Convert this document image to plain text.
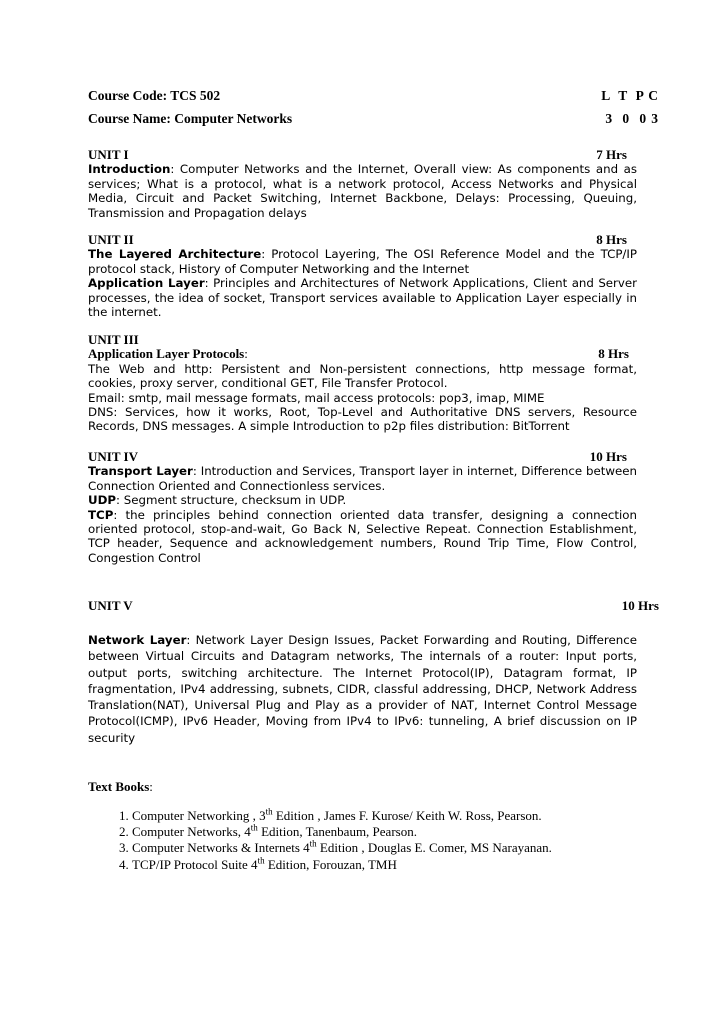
Course Code: TCS 502	L T P C
Course Name: Computer Networks	3 0 0 3
UNIT I	7 Hrs

Introduction: Computer Networks and the Internet, Overall view: As components and as services; What is a protocol, what is a network protocol, Access Networks and Physical Media, Circuit and Packet Switching, Internet Backbone, Delays: Processing, Queuing, Transmission and Propagation delays

UNIT II	8 Hrs

The Layered Architecture: Protocol Layering, The OSI Reference Model and the TCP/IP protocol stack, History of Computer Networking and the Internet

Application Layer: Principles and Architectures of Network Applications, Client and Server processes, the idea of socket, Transport services available to Application Layer especially in the internet.

UNIT III
Application Layer Protocols:	8 Hrs

The Web and http: Persistent and Non-persistent connections, http message format, cookies, proxy server, conditional GET, File Transfer Protocol.

Email: smtp, mail message formats, mail access protocols: pop3, imap, MIME

DNS: Services, how it works, Root, Top-Level and Authoritative DNS servers, Resource Records, DNS messages. A simple Introduction to p2p files distribution: BitTorrent

UNIT IV	10 Hrs

Transport Layer: Introduction and Services, Transport layer in internet, Difference between Connection Oriented and Connectionless services.

UDP: Segment structure, checksum in UDP.

TCP: the principles behind connection oriented data transfer, designing a connection oriented protocol, stop-and-wait, Go Back N, Selective Repeat. Connection Establishment, TCP header, Sequence and acknowledgement numbers, Round Trip Time, Flow Control, Congestion Control

UNIT V	10 Hrs

Network Layer: Network Layer Design Issues, Packet Forwarding and Routing, Difference between Virtual Circuits and Datagram networks, The internals of a router: Input ports, output ports, switching architecture. The Internet Protocol(IP), Datagram format, IP fragmentation, IPv4 addressing, subnets, CIDR, classful addressing, DHCP, Network Address Translation(NAT), Universal Plug and Play as a provider of NAT, Internet Control Message Protocol(ICMP), IPv6 Header, Moving from IPv4 to IPv6: tunneling, A brief discussion on IP security

Text Books:
1. Computer Networking , 3th Edition , James F. Kurose/ Keith W. Ross, Pearson.
2. Computer Networks, 4th Edition, Tanenbaum, Pearson.
3. Computer Networks & Internets 4th Edition , Douglas E. Comer, MS Narayanan.
4. TCP/IP Protocol Suite 4th Edition, Forouzan, TMH
